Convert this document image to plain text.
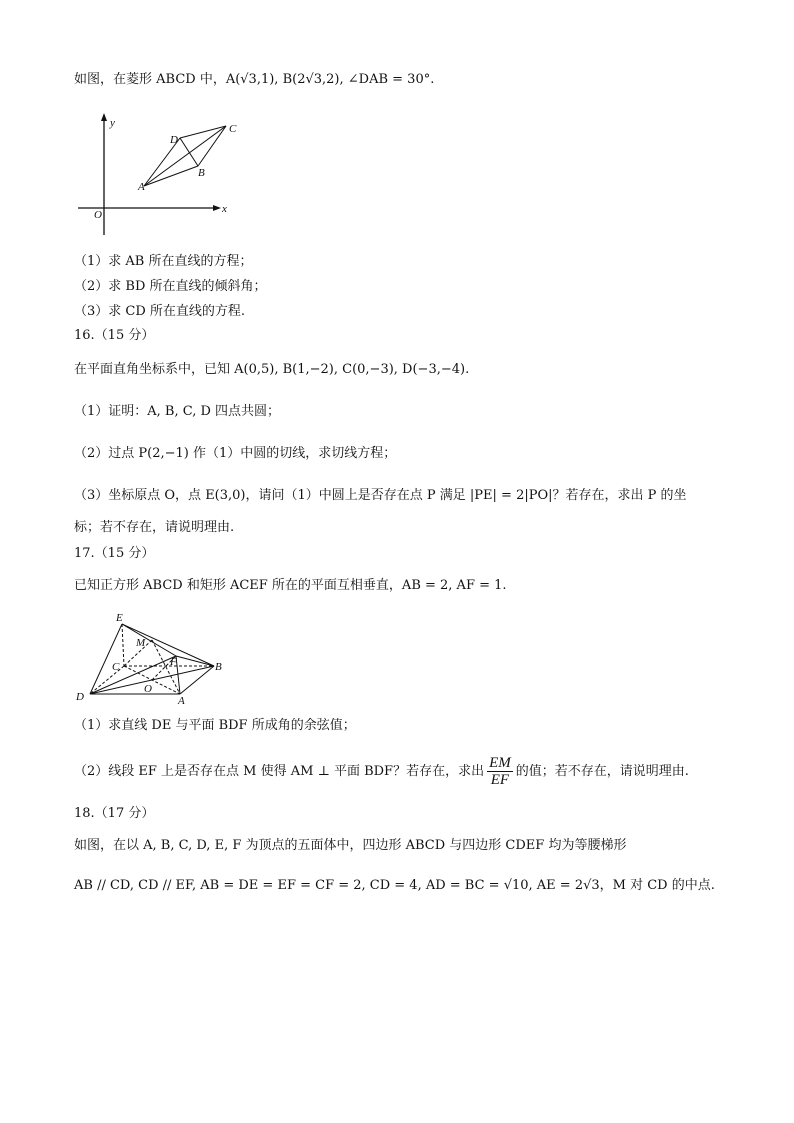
如图，在菱形 ABCD 中，A(√3,1), B(2√3,2), ∠DAB = 30°.
y
x
O
A
B
C
D
（1）求 AB 所在直线的方程；
（2）求 BD 所在直线的倾斜角；
（3）求 CD 所在直线的方程.
16.（15 分）
在平面直角坐标系中，已知 A(0,5), B(1,−2), C(0,−3), D(−3,−4).
（1）证明：A, B, C, D 四点共圆；
（2）过点 P(2,−1) 作（1）中圆的切线，求切线方程；
（3）坐标原点 O，点 E(3,0)，请问（1）中圆上是否存在点 P 满足 |PE| = 2|PO|？若存在，求出 P 的坐
标；若不存在，请说明理由.
17.（15 分）
已知正方形 ABCD 和矩形 ACEF 所在的平面互相垂直，AB = 2, AF = 1.
E
M
F
C	B
O
D	A
（1）求直线 DE 与平面 BDF 所成角的余弦值；
（2）线段 EF 上是否存在点 M 使得 AM ⊥ 平面 BDF？若存在，求出 $\frac{EM}{EF}$ 的值；若不存在，请说明理由.
18.（17 分）
如图，在以 A, B, C, D, E, F 为顶点的五面体中，四边形 ABCD 与四边形 CDEF 均为等腰梯形
AB // CD, CD // EF, AB = DE = EF = CF = 2, CD = 4, AD = BC = √10, AE = 2√3，M 对 CD 的中点.
